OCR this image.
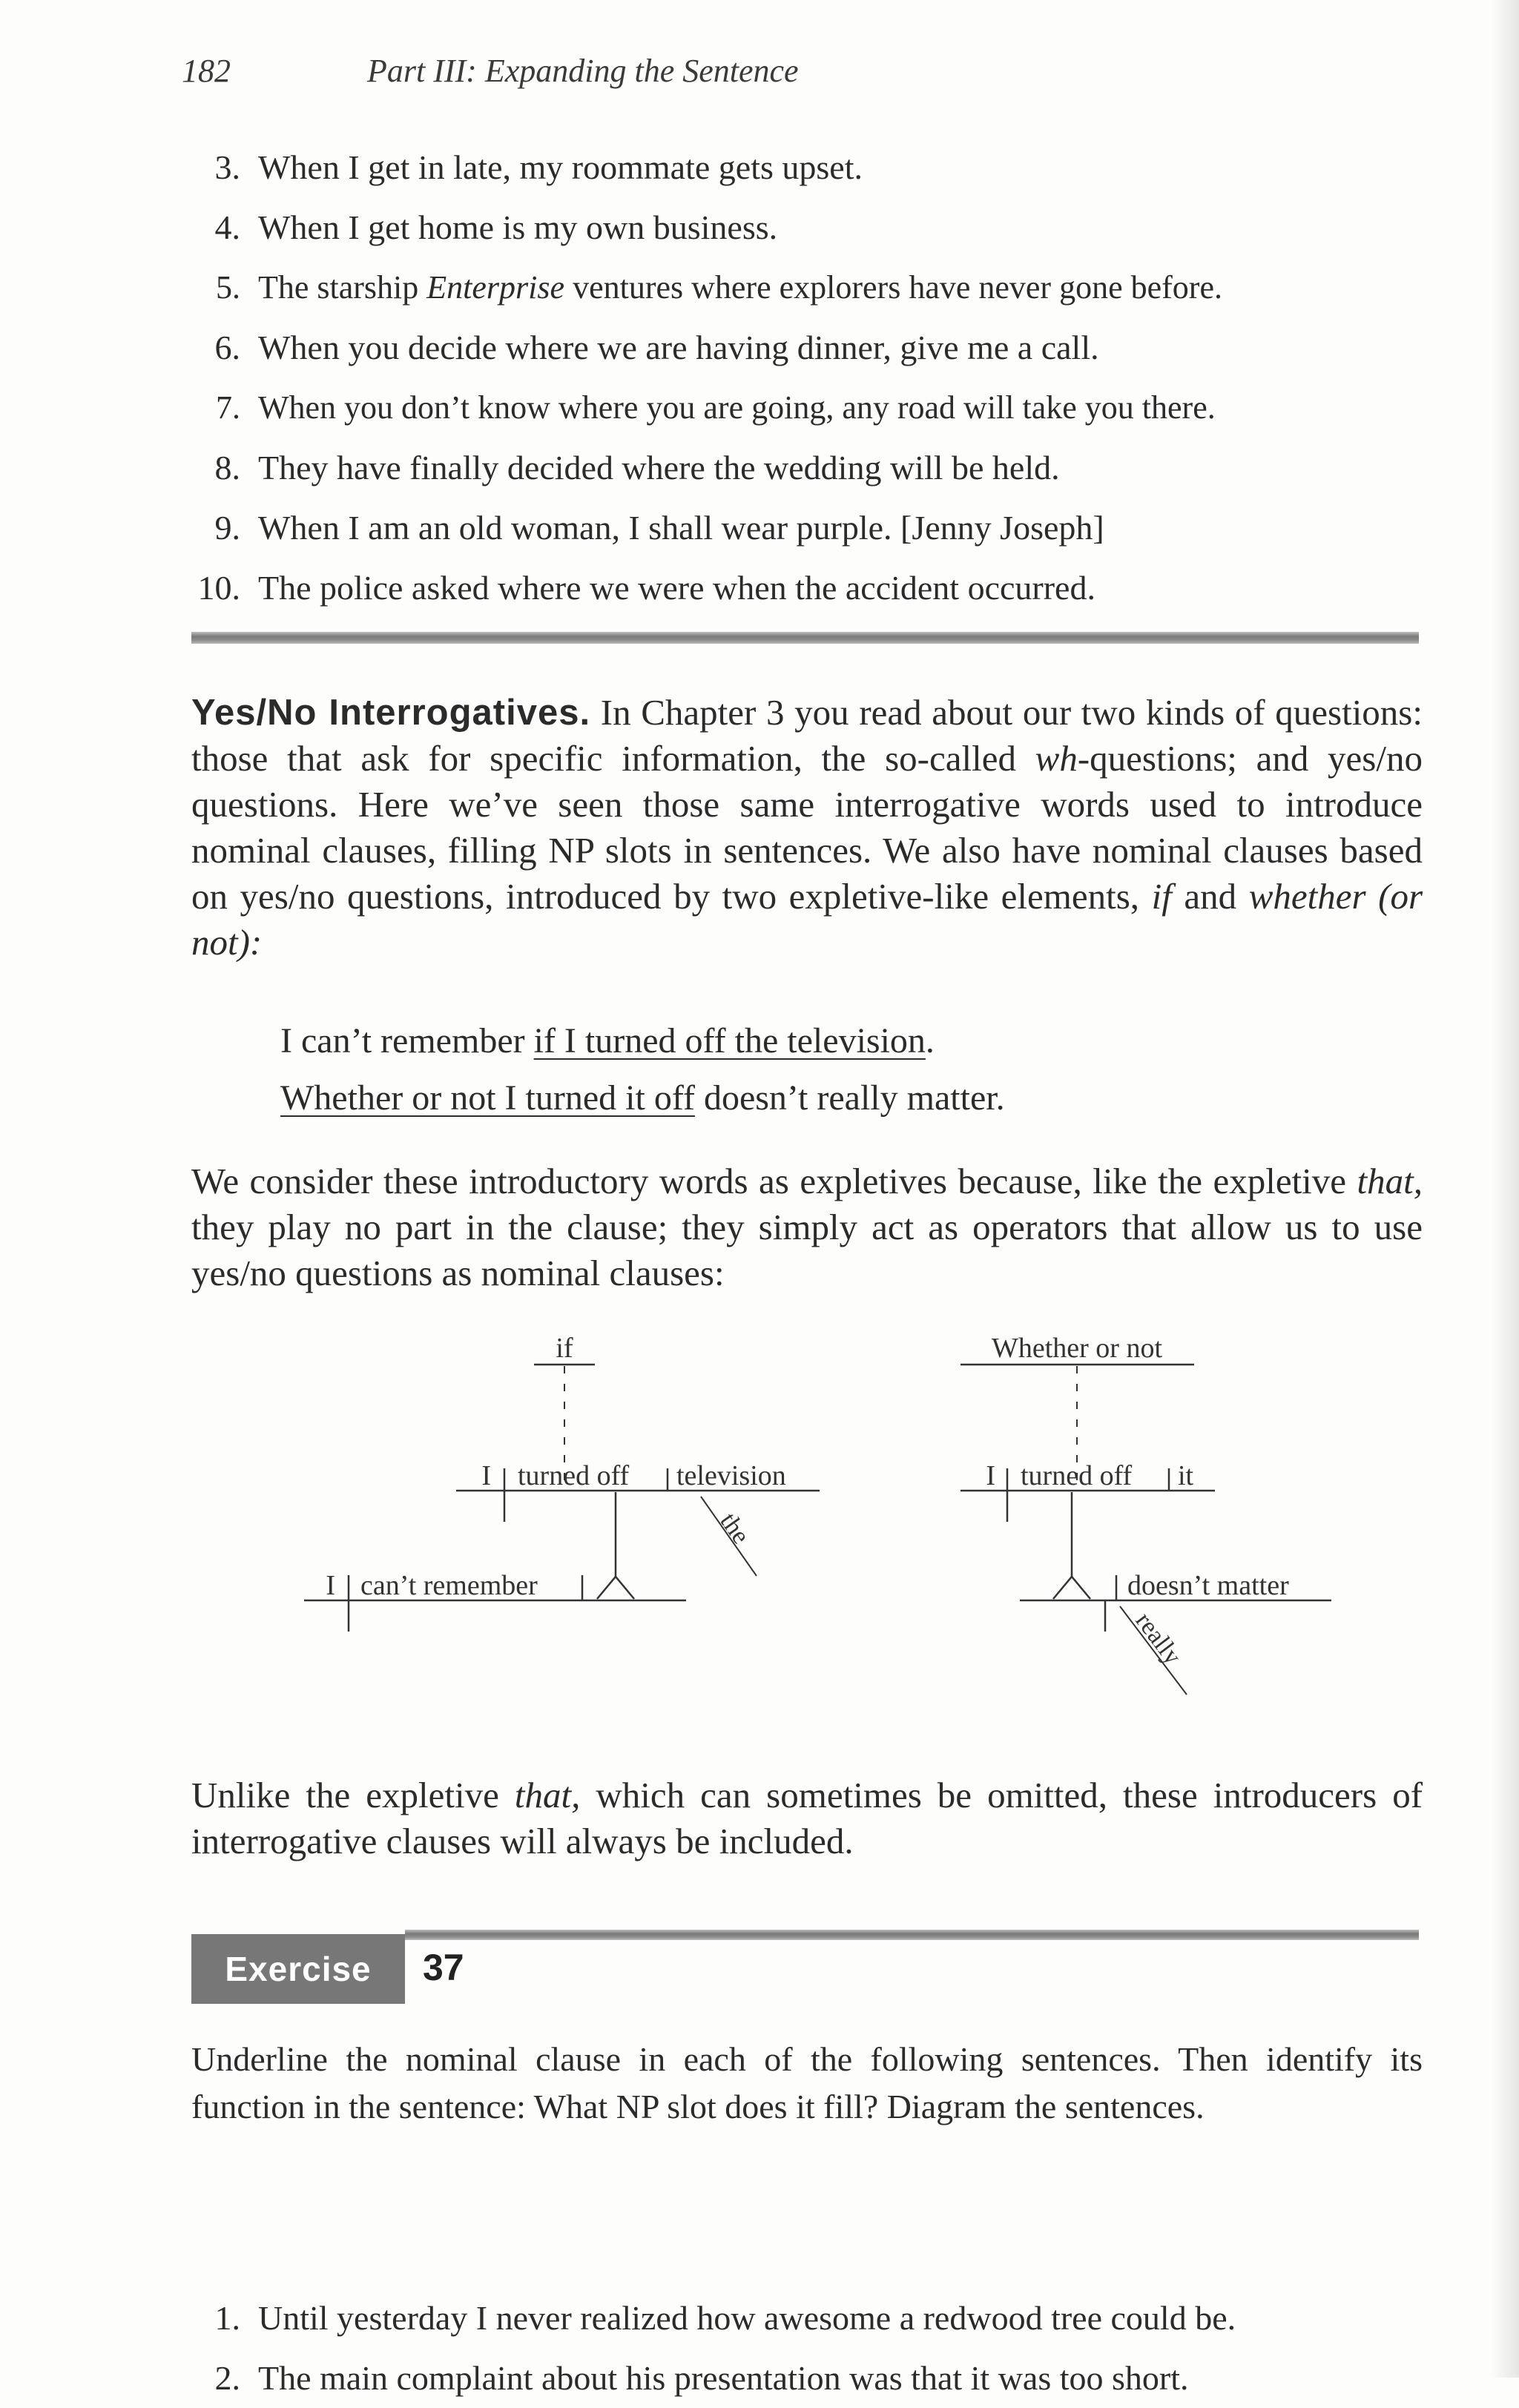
182	Part III: Expanding the Sentence
3. When I get in late, my roommate gets upset.
4. When I get home is my own business.
5. The starship Enterprise ventures where explorers have never gone before.
6. When you decide where we are having dinner, give me a call.
7. When you don’t know where you are going, any road will take you there.
8. They have finally decided where the wedding will be held.
9. When I am an old woman, I shall wear purple. [Jenny Joseph]
10. The police asked where we were when the accident occurred.

Yes/No Interrogatives. In Chapter 3 you read about our two kinds of questions: those that ask for specific information, the so-called wh-questions; and yes/no questions. Here we’ve seen those same interrogative words used to introduce nominal clauses, filling NP slots in sentences. We also have nominal clauses based on yes/no questions, introduced by two expletive-like elements, if and whether (or not):

I can’t remember if I turned off the television.
Whether or not I turned it off doesn’t really matter.

We consider these introductory words as expletives because, like the expletive that, they play no part in the clause; they simply act as operators that allow us to use yes/no questions as nominal clauses:

if
I turned off television
the
I can’t remember
Whether or not
I turned off it
doesn’t matter
really

Unlike the expletive that, which can sometimes be omitted, these introducers of interrogative clauses will always be included.

Exercise	37

Underline the nominal clause in each of the following sentences. Then identify its function in the sentence: What NP slot does it fill? Diagram the sentences.

1. Until yesterday I never realized how awesome a redwood tree could be.
2. The main complaint about his presentation was that it was too short.
